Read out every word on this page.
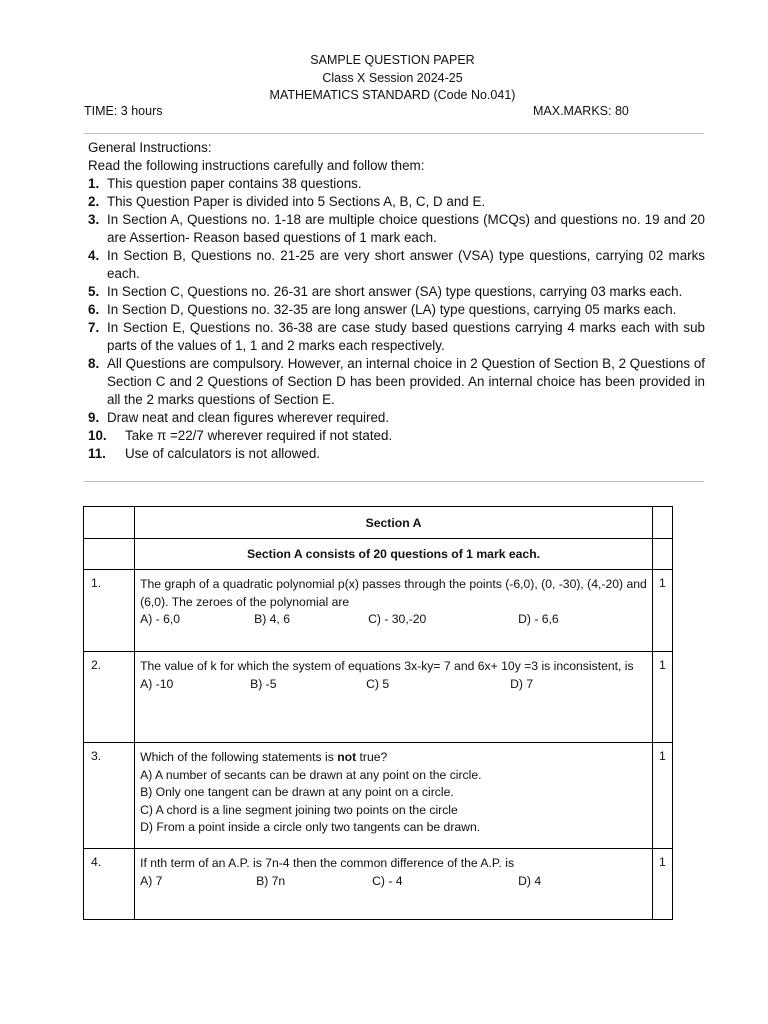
SAMPLE QUESTION PAPER
Class X Session 2024-25
MATHEMATICS STANDARD (Code No.041)
TIME: 3 hours	MAX.MARKS: 80

General Instructions:

Read the following instructions carefully and follow them:

1. This question paper contains 38 questions.
2. This Question Paper is divided into 5 Sections A, B, C, D and E.
3. In Section A, Questions no. 1-18 are multiple choice questions (MCQs) and questions no. 19 and 20 are Assertion- Reason based questions of 1 mark each.
4. In Section B, Questions no. 21-25 are very short answer (VSA) type questions, carrying 02 marks each.
5. In Section C, Questions no. 26-31 are short answer (SA) type questions, carrying 03 marks each.
6. In Section D, Questions no. 32-35 are long answer (LA) type questions, carrying 05 marks each.
7. In Section E, Questions no. 36-38 are case study based questions carrying 4 marks each with sub parts of the values of 1, 1 and 2 marks each respectively.
8. All Questions are compulsory. However, an internal choice in 2 Question of Section B, 2 Questions of Section C and 2 Questions of Section D has been provided. An internal choice has been provided in all the 2 marks questions of Section E.
9. Draw neat and clean figures wherever required.
10. Take π =22/7 wherever required if not stated.
11. Use of calculators is not allowed.
	Section A	
	Section A consists of 20 questions of 1 mark each.	
1.	The graph of a quadratic polynomial p(x) passes through the points (-6,0), (0, -30), (4,-20) and (6,0). The zeroes of the polynomial are
A) - 6,0 B) 4, 6 C) - 30,-20 D) - 6,6	1
2.	The value of k for which the system of equations 3x-ky= 7 and 6x+ 10y =3 is inconsistent, is
A) -10 B) -5 C) 5 D) 7	1
3.	Which of the following statements is not true?
A) A number of secants can be drawn at any point on the circle.
B) Only one tangent can be drawn at any point on a circle.
C) A chord is a line segment joining two points on the circle
D) From a point inside a circle only two tangents can be drawn.	1
4.	If nth term of an A.P. is 7n-4 then the common difference of the A.P. is
A) 7 B) 7n C) - 4 D) 4	1
